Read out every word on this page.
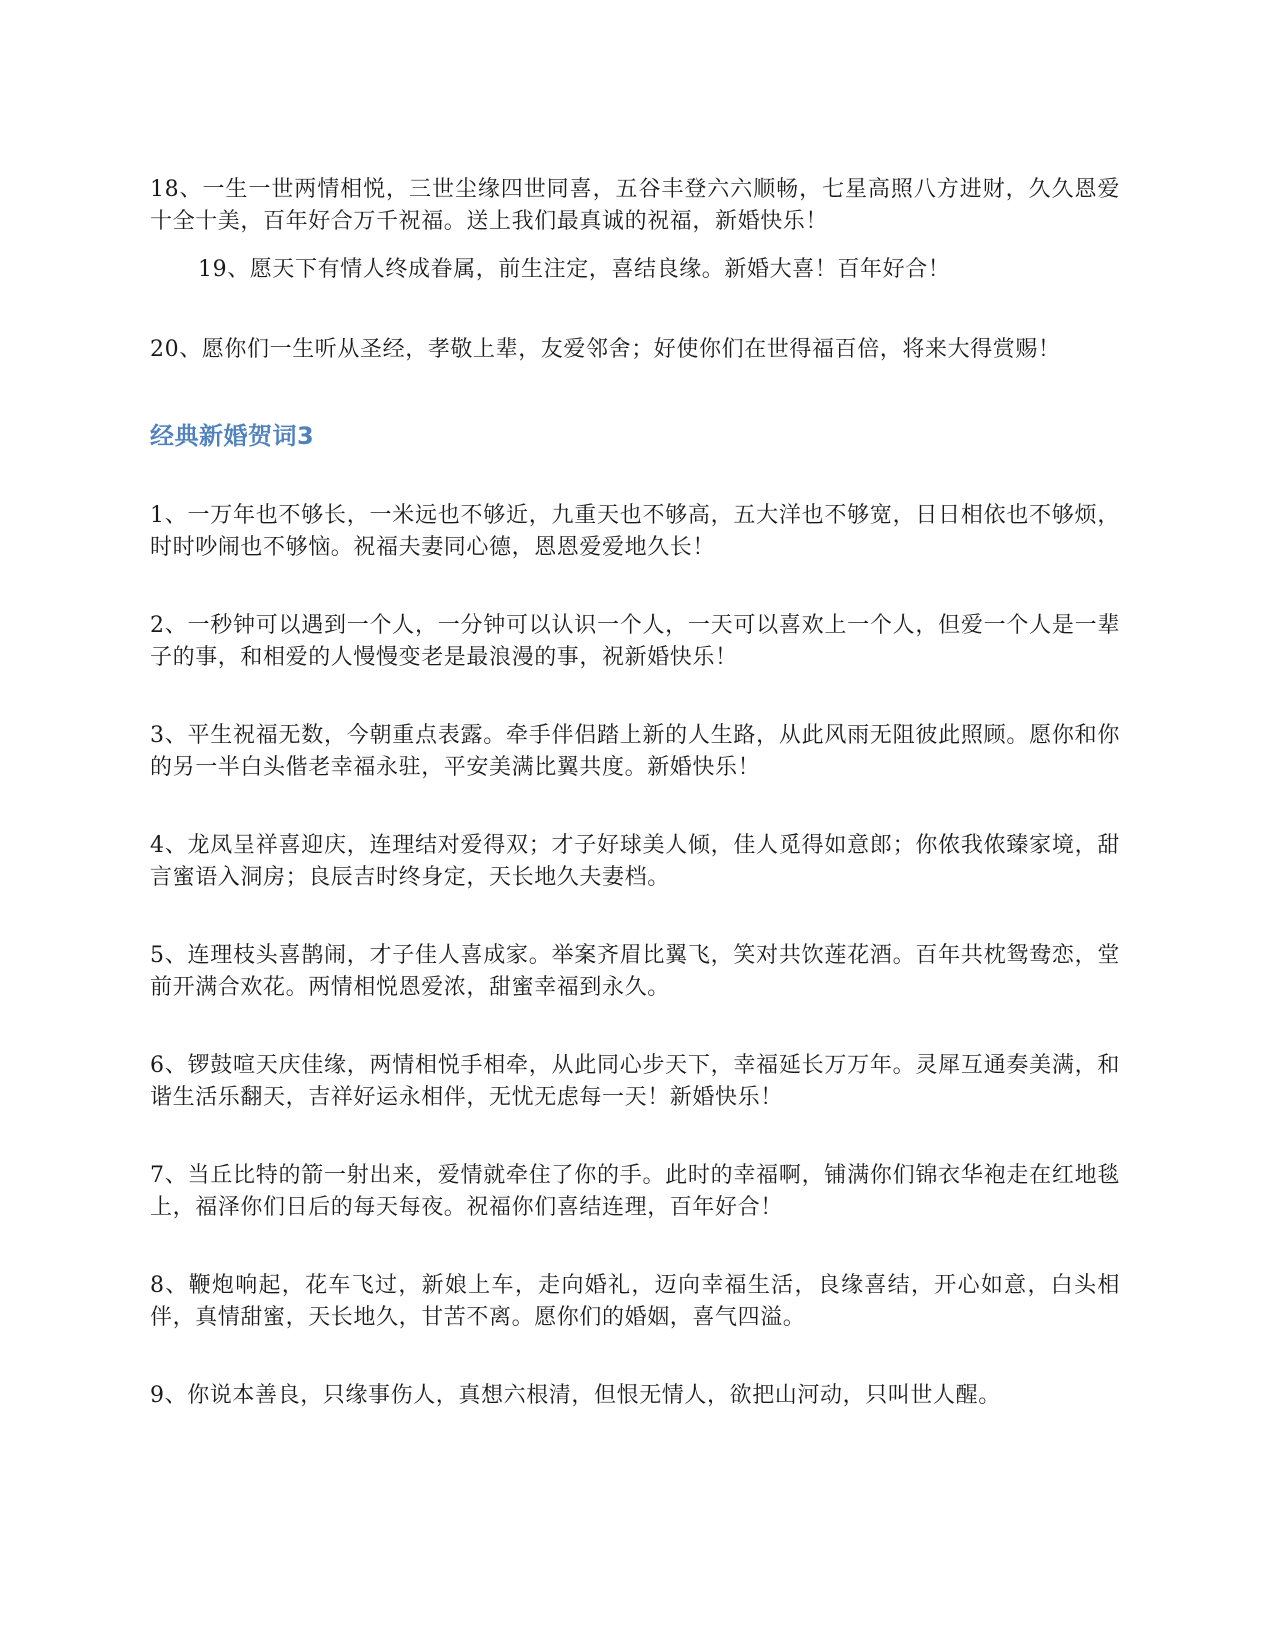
18、一生一世两情相悦，三世尘缘四世同喜，五谷丰登六六顺畅，七星高照八方进财，久久恩爱十全十美，百年好合万千祝福。送上我们最真诚的祝福，新婚快乐！

19、愿天下有情人终成眷属，前生注定，喜结良缘。新婚大喜！百年好合！

20、愿你们一生听从圣经，孝敬上辈，友爱邻舍；好使你们在世得福百倍，将来大得赏赐！

经典新婚贺词3

1、一万年也不够长，一米远也不够近，九重天也不够高，五大洋也不够宽，日日相依也不够烦，时时吵闹也不够恼。祝福夫妻同心德，恩恩爱爱地久长！

2、一秒钟可以遇到一个人，一分钟可以认识一个人，一天可以喜欢上一个人，但爱一个人是一辈子的事，和相爱的人慢慢变老是最浪漫的事，祝新婚快乐！

3、平生祝福无数，今朝重点表露。牵手伴侣踏上新的人生路，从此风雨无阻彼此照顾。愿你和你的另一半白头偕老幸福永驻，平安美满比翼共度。新婚快乐！

4、龙凤呈祥喜迎庆，连理结对爱得双；才子好球美人倾，佳人觅得如意郎；你侬我侬臻家境，甜言蜜语入洞房；良辰吉时终身定，天长地久夫妻档。

5、连理枝头喜鹊闹，才子佳人喜成家。举案齐眉比翼飞，笑对共饮莲花酒。百年共枕鸳鸯恋，堂前开满合欢花。两情相悦恩爱浓，甜蜜幸福到永久。

6、锣鼓喧天庆佳缘，两情相悦手相牵，从此同心步天下，幸福延长万万年。灵犀互通奏美满，和谐生活乐翻天，吉祥好运永相伴，无忧无虑每一天！新婚快乐！

7、当丘比特的箭一射出来，爱情就牵住了你的手。此时的幸福啊，铺满你们锦衣华袍走在红地毯上，福泽你们日后的每天每夜。祝福你们喜结连理，百年好合！

8、鞭炮响起，花车飞过，新娘上车，走向婚礼，迈向幸福生活，良缘喜结，开心如意，白头相伴，真情甜蜜，天长地久，甘苦不离。愿你们的婚姻，喜气四溢。

9、你说本善良，只缘事伤人，真想六根清，但恨无情人，欲把山河动，只叫世人醒。
